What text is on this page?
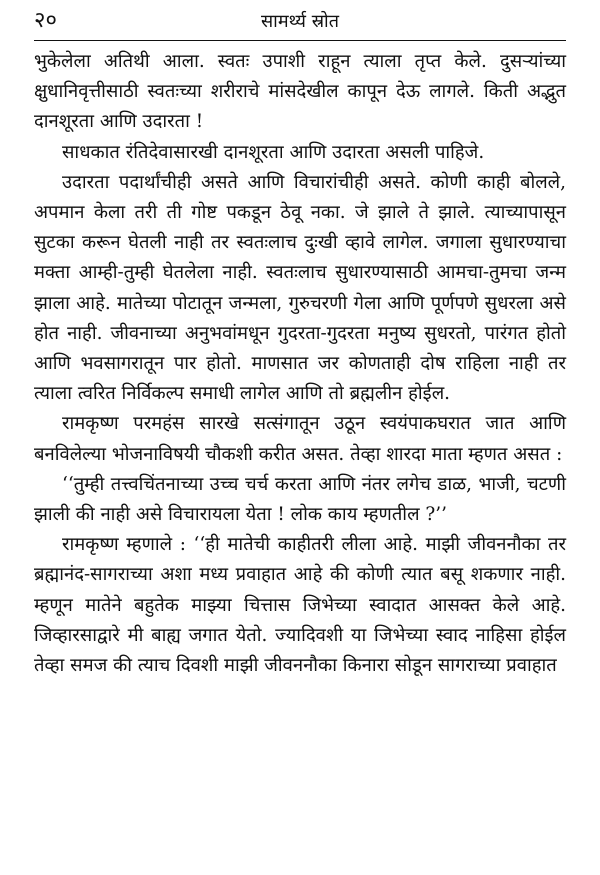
२०	सामर्थ्य स्रोत

भुकेलेला अतिथी आला. स्वतः उपाशी राहून त्याला तृप्त केले. दुसऱ्यांच्या क्षुधानिवृत्तीसाठी स्वतःच्या शरीराचे मांसदेखील कापून देऊ लागले. किती अद्भुत दानशूरता आणि उदारता !

साधकात रंतिदेवासारखी दानशूरता आणि उदारता असली पाहिजे.

उदारता पदार्थांचीही असते आणि विचारांचीही असते. कोणी काही बोलले, अपमान केला तरी ती गोष्ट पकडून ठेवू नका. जे झाले ते झाले. त्याच्यापासून सुटका करून घेतली नाही तर स्वतःलाच दुःखी व्हावे लागेल. जगाला सुधारण्याचा मक्ता आम्ही-तुम्ही घेतलेला नाही. स्वतःलाच सुधारण्यासाठी आमचा-तुमचा जन्म झाला आहे. मातेच्या पोटातून जन्मला, गुरुचरणी गेला आणि पूर्णपणे सुधरला असे होत नाही. जीवनाच्या अनुभवांमधून गुदरता-गुदरता मनुष्य सुधरतो, पारंगत होतो आणि भवसागरातून पार होतो. माणसात जर कोणताही दोष राहिला नाही तर त्याला त्वरित निर्विकल्प समाधी लागेल आणि तो ब्रह्मलीन होईल.

रामकृष्ण परमहंस सारखे सत्संगातून उठून स्वयंपाकघरात जात आणि बनविलेल्या भोजनाविषयी चौकशी करीत असत. तेव्हा शारदा माता म्हणत असत :

‘‘तुम्ही तत्त्वचिंतनाच्या उच्च चर्च करता आणि नंतर लगेच डाळ, भाजी, चटणी झाली की नाही असे विचारायला येता ! लोक काय म्हणतील ?’’

रामकृष्ण म्हणाले : ‘‘ही मातेची काहीतरी लीला आहे. माझी जीवननौका तर ब्रह्मानंद-सागराच्या अशा मध्य प्रवाहात आहे की कोणी त्यात बसू शकणार नाही. म्हणून मातेने बहुतेक माझ्या चित्तास जिभेच्या स्वादात आसक्त केले आहे. जिव्हारसाद्वारे मी बाह्य जगात येतो. ज्यादिवशी या जिभेच्या स्वाद नाहिसा होईल तेव्हा समज की त्याच दिवशी माझी जीवननौका किनारा सोडून सागराच्या प्रवाहात
